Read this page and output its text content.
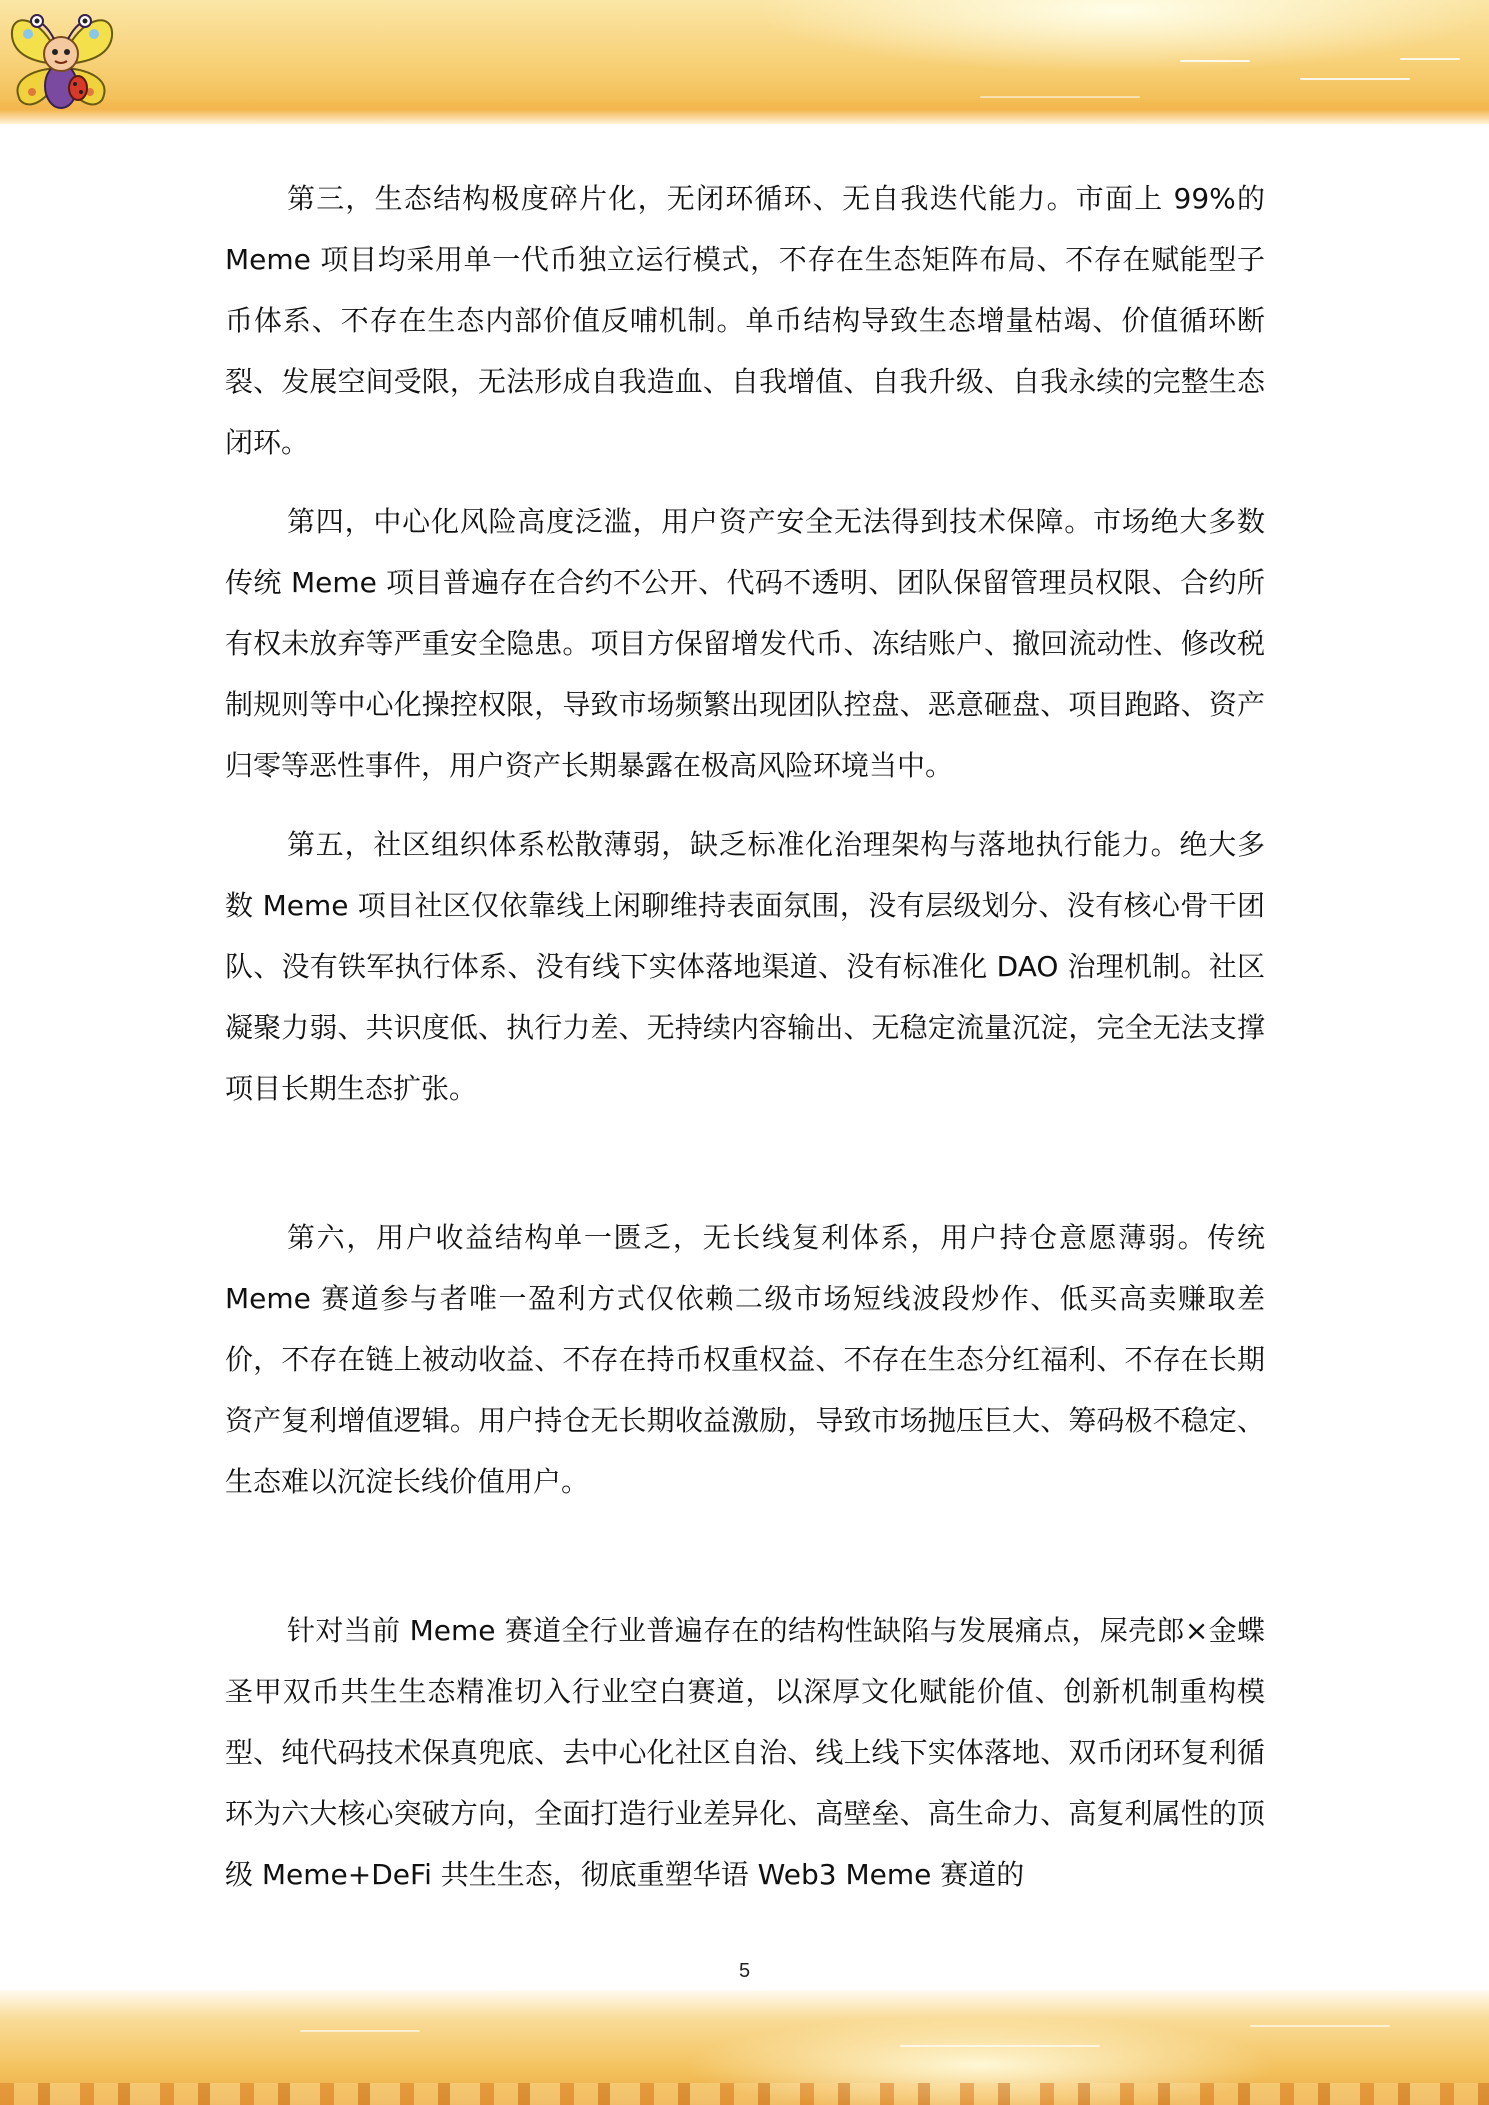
第三，生态结构极度碎片化，无闭环循环、无自我迭代能力。市面上 99%的 Meme 项目均采用单一代币独立运行模式，不存在生态矩阵布局、不存在赋能型子币体系、不存在生态内部价值反哺机制。单币结构导致生态增量枯竭、价值循环断裂、发展空间受限，无法形成自我造血、自我增值、自我升级、自我永续的完整生态闭环。

第四，中心化风险高度泛滥，用户资产安全无法得到技术保障。市场绝大多数传统 Meme 项目普遍存在合约不公开、代码不透明、团队保留管理员权限、合约所有权未放弃等严重安全隐患。项目方保留增发代币、冻结账户、撤回流动性、修改税制规则等中心化操控权限，导致市场频繁出现团队控盘、恶意砸盘、项目跑路、资产归零等恶性事件，用户资产长期暴露在极高风险环境当中。

第五，社区组织体系松散薄弱，缺乏标准化治理架构与落地执行能力。绝大多数 Meme 项目社区仅依靠线上闲聊维持表面氛围，没有层级划分、没有核心骨干团队、没有铁军执行体系、没有线下实体落地渠道、没有标准化 DAO 治理机制。社区凝聚力弱、共识度低、执行力差、无持续内容输出、无稳定流量沉淀，完全无法支撑项目长期生态扩张。

第六，用户收益结构单一匮乏，无长线复利体系，用户持仓意愿薄弱。传统Meme 赛道参与者唯一盈利方式仅依赖二级市场短线波段炒作、低买高卖赚取差价，不存在链上被动收益、不存在持币权重权益、不存在生态分红福利、不存在长期资产复利增值逻辑。用户持仓无长期收益激励，导致市场抛压巨大、筹码极不稳定、生态难以沉淀长线价值用户。

针对当前 Meme 赛道全行业普遍存在的结构性缺陷与发展痛点，屎壳郎×金蝶圣甲双币共生生态精准切入行业空白赛道，以深厚文化赋能价值、创新机制重构模型、纯代码技术保真兜底、去中心化社区自治、线上线下实体落地、双币闭环复利循环为六大核心突破方向，全面打造行业差异化、高壁垒、高生命力、高复利属性的顶级 Meme+DeFi 共生生态，彻底重塑华语 Web3 Meme 赛道的

5
